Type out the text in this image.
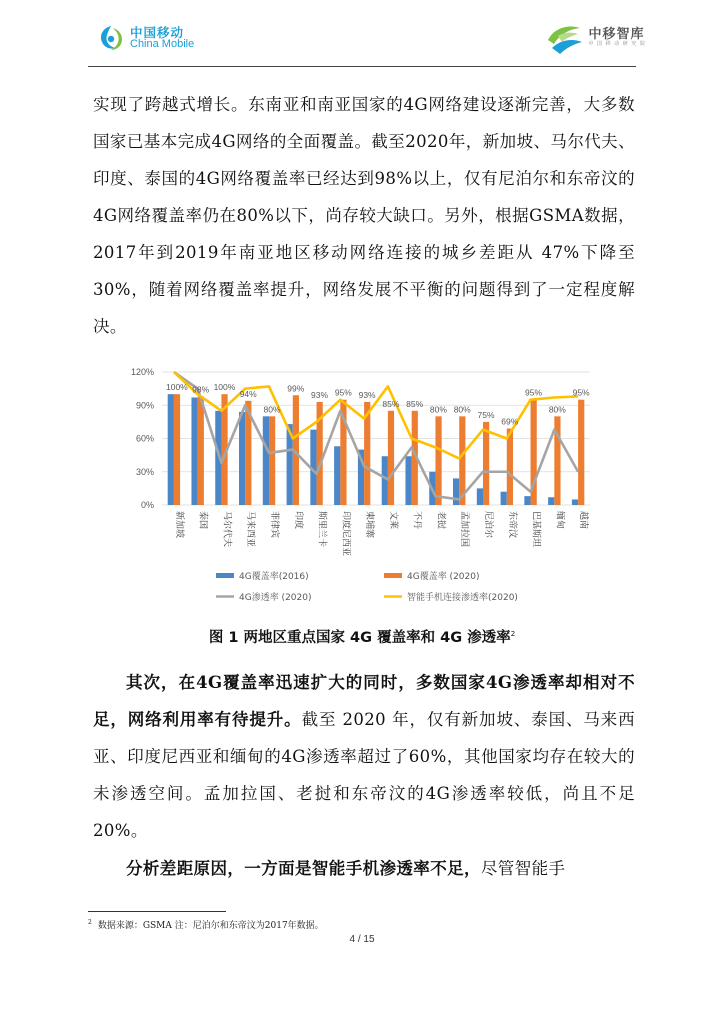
中国移动
China Mobile
中移智库
中 国 移 动 研 究 院

实现了跨越式增长。东南亚和南亚国家的4G网络建设逐渐完善，大多数国家已基本完成4G网络的全面覆盖。截至2020年，新加坡、马尔代夫、印度、泰国的4G网络覆盖率已经达到98%以上，仅有尼泊尔和东帝汶的4G网络覆盖率仍在80%以下，尚存较大缺口。另外，根据GSMA数据，2017年到2019年南亚地区移动网络连接的城乡差距从 47%下降至 30%，随着网络覆盖率提升，网络发展不平衡的问题得到了一定程度解决。

0%
30%
60%
90%
120%
新加坡 泰国 马尔代夫 马来西亚 菲律宾 印度 斯里兰卡 印度尼西亚 柬埔寨 文莱 不丹 老挝 孟加拉国 尼泊尔 东帝汶 巴基斯坦 缅甸 越南
100% 98% 100%
94%
80%
99%
93% 95% 93%
85% 85%
80% 80%
75%
69%
95%
80%
95%
4G覆盖率(2016)	4G覆盖率 (2020)
4G渗透率 (2020)	智能手机连接渗透率(2020)
图 1 两地区重点国家 4G 覆盖率和 4G 渗透率$^2$

其次，在4G覆盖率迅速扩大的同时，多数国家4G渗透率却相对不足，网络利用率有待提升。截至 2020 年，仅有新加坡、泰国、马来西亚、印度尼西亚和缅甸的4G渗透率超过了60%，其他国家均存在较大的未渗透空间。孟加拉国、老挝和东帝汶的4G渗透率较低，尚且不足20%。

分析差距原因，一方面是智能手机渗透率不足，尽管智能手

$^2$ 数据来源：GSMA 注：尼泊尔和东帝汶为2017年数据。
4 / 15
